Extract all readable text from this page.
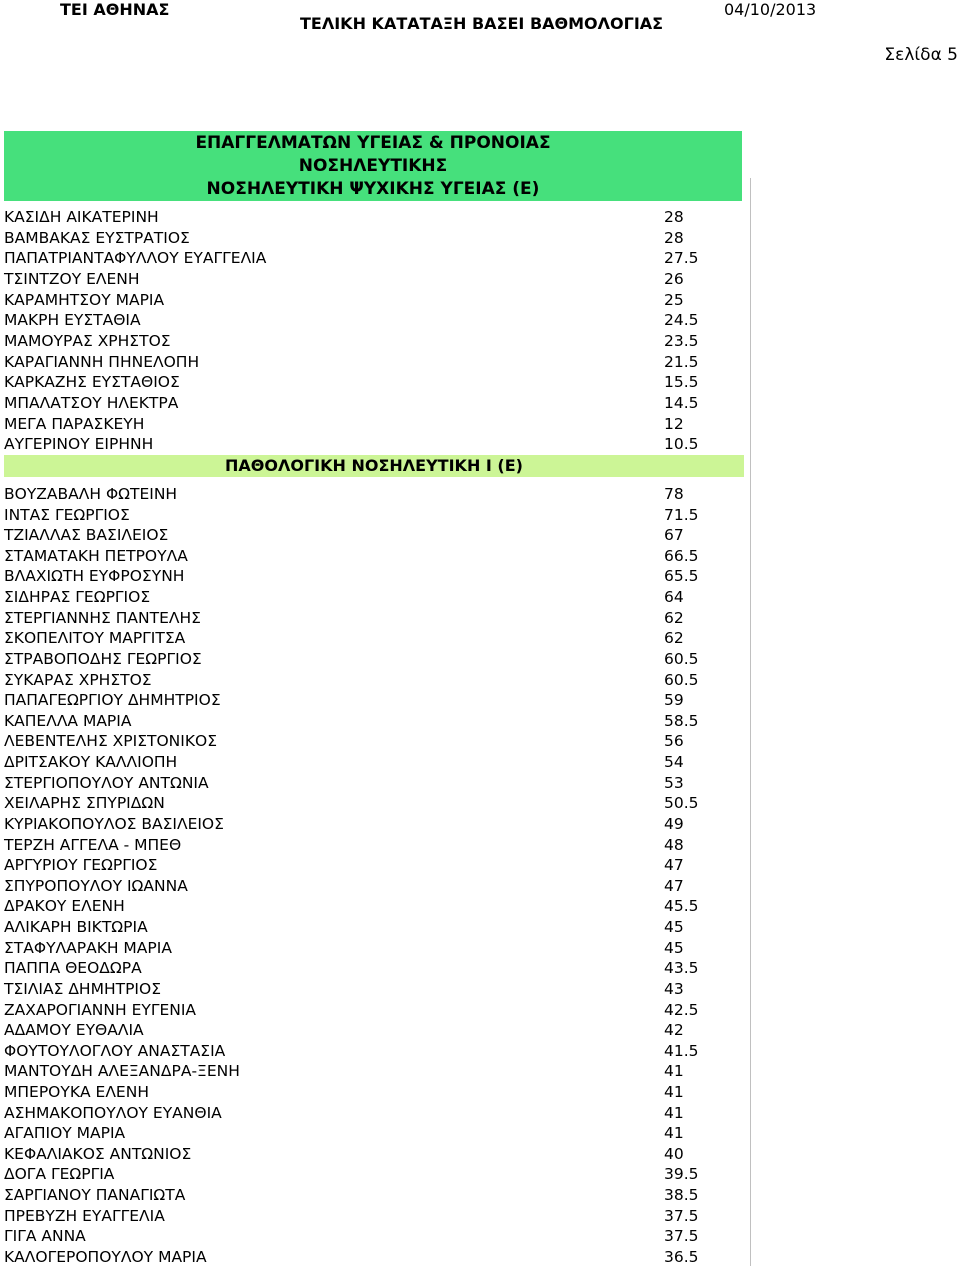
ΤΕΙ ΑΘΗΝΑΣ
ΤΕΛΙΚΗ ΚΑΤΑΤΑΞΗ ΒΑΣΕΙ ΒΑΘΜΟΛΟΓΙΑΣ
04/10/2013
Σελίδα 5
ΕΠΑΓΓΕΛΜΑΤΩΝ ΥΓΕΙΑΣ & ΠΡΟΝΟΙΑΣ
ΝΟΣΗΛΕΥΤΙΚΗΣ
ΝΟΣΗΛΕΥΤΙΚΗ ΨΥΧΙΚΗΣ ΥΓΕΙΑΣ (Ε)
ΚΑΣΙΔΗ ΑΙΚΑΤΕΡΙΝΗ	28
ΒΑΜΒΑΚΑΣ ΕΥΣΤΡΑΤΙΟΣ	28
ΠΑΠΑΤΡΙΑΝΤΑΦΥΛΛΟΥ ΕΥΑΓΓΕΛΙΑ	27.5
ΤΣΙΝΤΖΟΥ ΕΛΕΝΗ	26
ΚΑΡΑΜΗΤΣΟΥ ΜΑΡΙΑ	25
ΜΑΚΡΗ ΕΥΣΤΑΘΙΑ	24.5
ΜΑΜΟΥΡΑΣ ΧΡΗΣΤΟΣ	23.5
ΚΑΡΑΓΙΑΝΝΗ ΠΗΝΕΛΟΠΗ	21.5
ΚΑΡΚΑΖΗΣ ΕΥΣΤΑΘΙΟΣ	15.5
ΜΠΑΛΑΤΣΟΥ ΗΛΕΚΤΡΑ	14.5
ΜΕΓΑ ΠΑΡΑΣΚΕΥΗ	12
ΑΥΓΕΡΙΝΟΥ ΕΙΡΗΝΗ	10.5
ΠΑΘΟΛΟΓΙΚΗ ΝΟΣΗΛΕΥΤΙΚΗ Ι (Ε)
ΒΟΥΖΑΒΑΛΗ ΦΩΤΕΙΝΗ	78
ΙΝΤΑΣ ΓΕΩΡΓΙΟΣ	71.5
ΤΖΙΑΛΛΑΣ ΒΑΣΙΛΕΙΟΣ	67
ΣΤΑΜΑΤΑΚΗ ΠΕΤΡΟΥΛΑ	66.5
ΒΛΑΧΙΩΤΗ ΕΥΦΡΟΣΥΝΗ	65.5
ΣΙΔΗΡΑΣ ΓΕΩΡΓΙΟΣ	64
ΣΤΕΡΓΙΑΝΝΗΣ ΠΑΝΤΕΛΗΣ	62
ΣΚΟΠΕΛΙΤΟΥ ΜΑΡΓΙΤΣΑ	62
ΣΤΡΑΒΟΠΟΔΗΣ ΓΕΩΡΓΙΟΣ	60.5
ΣΥΚΑΡΑΣ ΧΡΗΣΤΟΣ	60.5
ΠΑΠΑΓΕΩΡΓΙΟΥ ΔΗΜΗΤΡΙΟΣ	59
ΚΑΠΕΛΛΑ ΜΑΡΙΑ	58.5
ΛΕΒΕΝΤΕΛΗΣ ΧΡΙΣΤΟΝΙΚΟΣ	56
ΔΡΙΤΣΑΚΟΥ ΚΑΛΛΙΟΠΗ	54
ΣΤΕΡΓΙΟΠΟΥΛΟΥ ΑΝΤΩΝΙΑ	53
ΧΕΙΛΑΡΗΣ ΣΠΥΡΙΔΩΝ	50.5
ΚΥΡΙΑΚΟΠΟΥΛΟΣ ΒΑΣΙΛΕΙΟΣ	49
ΤΕΡΖΗ ΑΓΓΕΛΑ - ΜΠΕΘ	48
ΑΡΓΥΡΙΟΥ ΓΕΩΡΓΙΟΣ	47
ΣΠΥΡΟΠΟΥΛΟΥ ΙΩΑΝΝΑ	47
ΔΡΑΚΟΥ ΕΛΕΝΗ	45.5
ΑΛΙΚΑΡΗ ΒΙΚΤΩΡΙΑ	45
ΣΤΑΦΥΛΑΡΑΚΗ ΜΑΡΙΑ	45
ΠΑΠΠΑ ΘΕΟΔΩΡΑ	43.5
ΤΣΙΛΙΑΣ ΔΗΜΗΤΡΙΟΣ	43
ΖΑΧΑΡΟΓΙΑΝΝΗ ΕΥΓΕΝΙΑ	42.5
ΑΔΑΜΟΥ ΕΥΘΑΛΙΑ	42
ΦΟΥΤΟΥΛΟΓΛΟΥ ΑΝΑΣΤΑΣΙΑ	41.5
ΜΑΝΤΟΥΔΗ ΑΛΕΞΑΝΔΡΑ-ΞΕΝΗ	41
ΜΠΕΡΟΥΚΑ ΕΛΕΝΗ	41
ΑΣΗΜΑΚΟΠΟΥΛΟΥ ΕΥΑΝΘΙΑ	41
ΑΓΑΠΙΟΥ ΜΑΡΙΑ	41
ΚΕΦΑΛΙΑΚΟΣ ΑΝΤΩΝΙΟΣ	40
ΔΟΓΑ ΓΕΩΡΓΙΑ	39.5
ΣΑΡΓΙΑΝΟΥ ΠΑΝΑΓΙΩΤΑ	38.5
ΠΡΕΒΥΖΗ ΕΥΑΓΓΕΛΙΑ	37.5
ΓΙΓΑ ΑΝΝΑ	37.5
ΚΑΛΟΓΕΡΟΠΟΥΛΟΥ ΜΑΡΙΑ	36.5
